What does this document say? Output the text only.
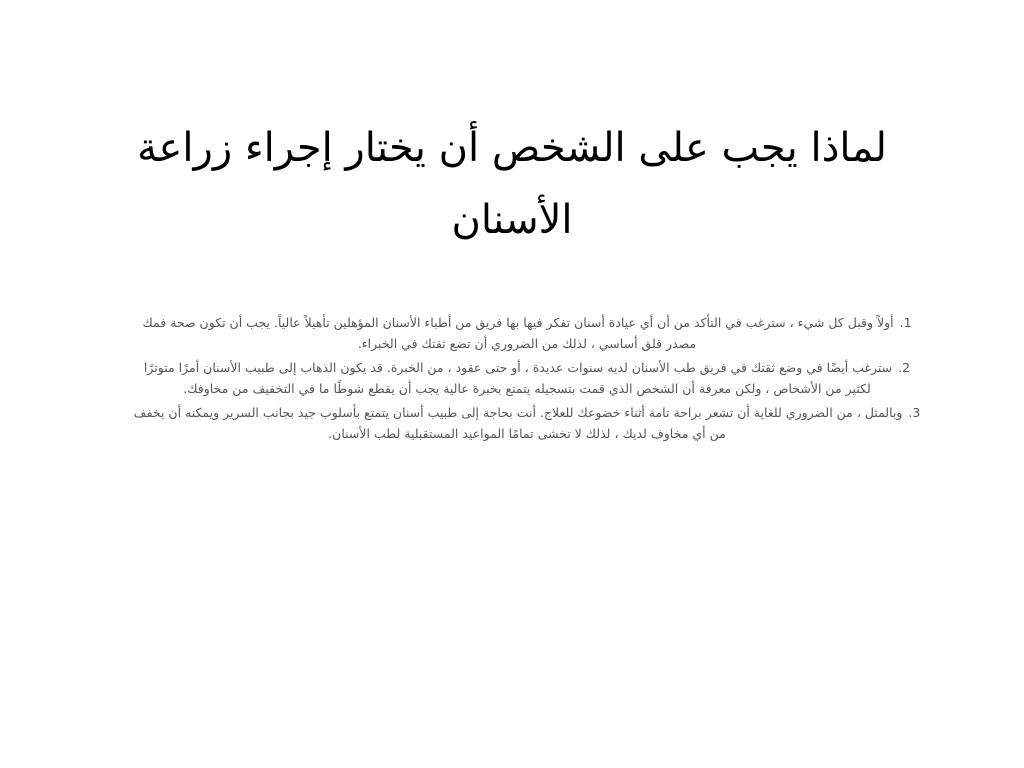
لماذا يجب على الشخص أن يختار إجراء زراعة الأسنان

1. أولاً وقبل كل شيء ، سترغب في التأكد من أن أي عيادة أسنان تفكر فيها بها فريق من أطباء الأسنان المؤهلين تأهيلاً عالياً. يجب أن تكون صحة فمك مصدر قلق أساسي ، لذلك من الضروري أن تضع ثقتك في الخبراء.

2. سترغب أيضًا في وضع ثقتك في فريق طب الأسنان لديه سنوات عديدة ، أو حتى عقود ، من الخبرة. قد يكون الذهاب إلى طبيب الأسنان أمرًا متوترًا لكثير من الأشخاص ، ولكن معرفة أن الشخص الذي قمت بتسجيله يتمتع بخبرة عالية يجب أن يقطع شوطًا ما في التخفيف من مخاوفك.

3. وبالمثل ، من الضروري للغاية أن تشعر براحة تامة أثناء خضوعك للعلاج. أنت بحاجة إلى طبيب أسنان يتمتع بأسلوب جيد بجانب السرير ويمكنه أن يخفف من أي مخاوف لديك ، لذلك لا تخشى تمامًا المواعيد المستقبلية لطب الأسنان.
